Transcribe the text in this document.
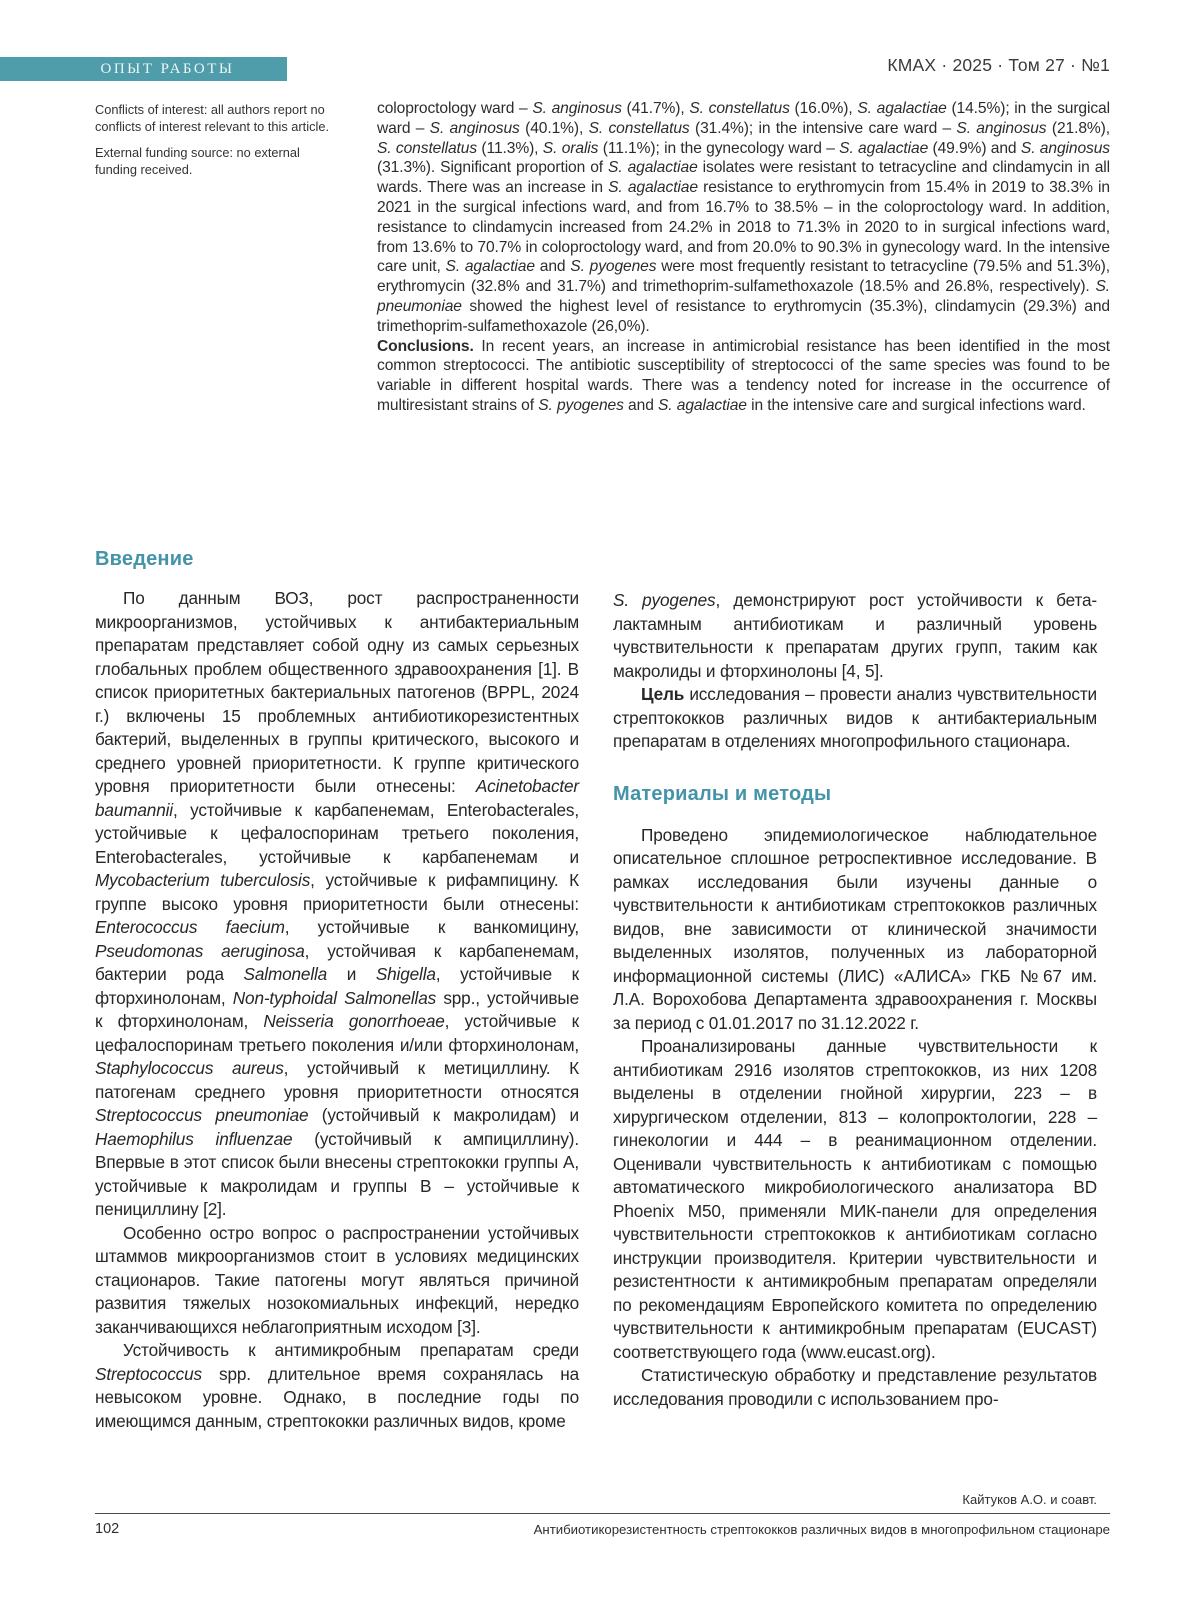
ОПЫТ РАБОТЫ	КМАХ · 2025 · Том 27 · №1

Conflicts of interest: all authors report no conflicts of interest relevant to this article.

External funding source: no external funding received.

coloproctology ward – S. anginosus (41.7%), S. constellatus (16.0%), S. agalactiae (14.5%); in the surgical ward – S. anginosus (40.1%), S. constellatus (31.4%); in the intensive care ward – S. anginosus (21.8%), S. constellatus (11.3%), S. oralis (11.1%); in the gynecology ward – S. agalactiae (49.9%) and S. anginosus (31.3%). Significant proportion of S. agalactiae isolates were resistant to tetracycline and clindamycin in all wards. There was an increase in S. agalactiae resistance to erythromycin from 15.4% in 2019 to 38.3% in 2021 in the surgical infections ward, and from 16.7% to 38.5% – in the coloproctology ward. In addition, resistance to clindamycin increased from 24.2% in 2018 to 71.3% in 2020 to in surgical infections ward, from 13.6% to 70.7% in coloproctology ward, and from 20.0% to 90.3% in gynecology ward. In the intensive care unit, S. agalactiae and S. pyogenes were most frequently resistant to tetracycline (79.5% and 51.3%), erythromycin (32.8% and 31.7%) and trimethoprim-sulfamethoxazole (18.5% and 26.8%, respectively). S. pneumoniae showed the highest level of resistance to erythromycin (35.3%), clindamycin (29.3%) and trimethoprim-sulfamethoxazole (26,0%).

Conclusions. In recent years, an increase in antimicrobial resistance has been identified in the most common streptococci. The antibiotic susceptibility of streptococci of the same species was found to be variable in different hospital wards. There was a tendency noted for increase in the occurrence of multiresistant strains of S. pyogenes and S. agalactiae in the intensive care and surgical infections ward.

Введение

По данным ВОЗ, рост распространенности микроорганизмов, устойчивых к антибактериальным препаратам представляет собой одну из самых серьезных глобальных проблем общественного здравоохранения [1]. В список приоритетных бактериальных патогенов (BPPL, 2024 г.) включены 15 проблемных антибиотикорезистентных бактерий, выделенных в группы критического, высокого и среднего уровней приоритетности. К группе критического уровня приоритетности были отнесены: Acinetobacter baumannii, устойчивые к карбапенемам, Enterobacterales, устойчивые к цефалоспоринам третьего поколения, Enterobacterales, устойчивые к карбапенемам и Mycobacterium tuberculosis, устойчивые к рифампицину. К группе высоко уровня приоритетности были отнесены: Enterococcus faecium, устойчивые к ванкомицину, Pseudomonas aeruginosa, устойчивая к карбапенемам, бактерии рода Salmonella и Shigella, устойчивые к фторхинолонам, Non-typhoidal Salmonellas spp., устойчивые к фторхинолонам, Neisseria gonorrhoeae, устойчивые к цефалоспоринам третьего поколения и/или фторхинолонам, Staphylococcus aureus, устойчивый к метициллину. К патогенам среднего уровня приоритетности относятся Streptococcus pneumoniae (устойчивый к макролидам) и Haemophilus influenzae (устойчивый к ампициллину). Впервые в этот список были внесены стрептококки группы А, устойчивые к макролидам и группы B – устойчивые к пенициллину [2].

Особенно остро вопрос о распространении устойчивых штаммов микроорганизмов стоит в условиях медицинских стационаров. Такие патогены могут являться причиной развития тяжелых нозокомиальных инфекций, нередко заканчивающихся неблагоприятным исходом [3].

Устойчивость к антимикробным препаратам среди Streptococcus spp. длительное время сохранялась на невысоком уровне. Однако, в последние годы по имеющимся данным, стрептококки различных видов, кроме

S. pyogenes, демонстрируют рост устойчивости к бета-лактамным антибиотикам и различный уровень чувствительности к препаратам других групп, таким как макролиды и фторхинолоны [4, 5].

Цель исследования – провести анализ чувствительности стрептококков различных видов к антибактериальным препаратам в отделениях многопрофильного стационара.

Материалы и методы

Проведено эпидемиологическое наблюдательное описательное сплошное ретроспективное исследование. В рамках исследования были изучены данные о чувствительности к антибиотикам стрептококков различных видов, вне зависимости от клинической значимости выделенных изолятов, полученных из лабораторной информационной системы (ЛИС) «АЛИСА» ГКБ №67 им. Л.А. Ворохобова Департамента здравоохранения г. Москвы за период с 01.01.2017 по 31.12.2022 г.

Проанализированы данные чувствительности к антибиотикам 2916 изолятов стрептококков, из них 1208 выделены в отделении гнойной хирургии, 223 – в хирургическом отделении, 813 – колопроктологии, 228 – гинекологии и 444 – в реанимационном отделении. Оценивали чувствительность к антибиотикам с помощью автоматического микробиологического анализатора BD Phoenix M50, применяли МИК-панели для определения чувствительности стрептококков к антибиотикам согласно инструкции производителя. Критерии чувствительности и резистентности к антимикробным препаратам определяли по рекомендациям Европейского комитета по определению чувствительности к антимикробным препаратам (EUCAST) соответствующего года (www.eucast.org).

Статистическую обработку и представление результатов исследования проводили с использованием про-

Кайтуков А.О. и соавт.
102	Антибиотикорезистентность стрептококков различных видов в многопрофильном стационаре
